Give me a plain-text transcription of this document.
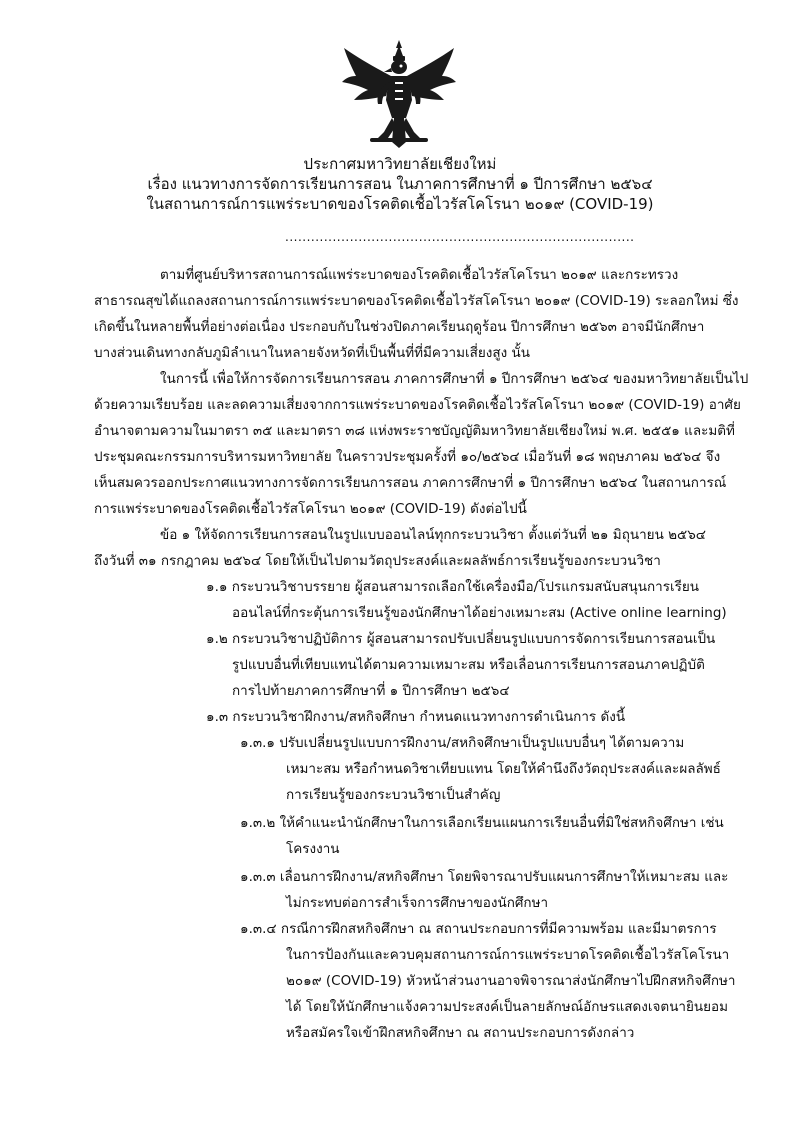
ประกาศมหาวิทยาลัยเชียงใหม่
เรื่อง แนวทางการจัดการเรียนการสอน ในภาคการศึกษาที่ ๑ ปีการศึกษา ๒๕๖๔
ในสถานการณ์การแพร่ระบาดของโรคติดเชื้อไวรัสโคโรนา ๒๐๑๙ (COVID-19)
.................................................................................
ตามที่ศูนย์บริหารสถานการณ์แพร่ระบาดของโรคติดเชื้อไวรัสโคโรนา ๒๐๑๙ และกระทรวง
สาธารณสุขได้แถลงสถานการณ์การแพร่ระบาดของโรคติดเชื้อไวรัสโคโรนา ๒๐๑๙ (COVID-19) ระลอกใหม่ ซึ่ง
เกิดขึ้นในหลายพื้นที่อย่างต่อเนื่อง ประกอบกับในช่วงปิดภาคเรียนฤดูร้อน ปีการศึกษา ๒๕๖๓ อาจมีนักศึกษา
บางส่วนเดินทางกลับภูมิลำเนาในหลายจังหวัดที่เป็นพื้นที่ที่มีความเสี่ยงสูง นั้น
ในการนี้ เพื่อให้การจัดการเรียนการสอน ภาคการศึกษาที่ ๑ ปีการศึกษา ๒๕๖๔ ของมหาวิทยาลัยเป็นไป
ด้วยความเรียบร้อย และลดความเสี่ยงจากการแพร่ระบาดของโรคติดเชื้อไวรัสโคโรนา ๒๐๑๙ (COVID-19) อาศัย
อำนาจตามความในมาตรา ๓๕ และมาตรา ๓๘ แห่งพระราชบัญญัติมหาวิทยาลัยเชียงใหม่ พ.ศ. ๒๕๕๑ และมติที่
ประชุมคณะกรรมการบริหารมหาวิทยาลัย ในคราวประชุมครั้งที่ ๑๐/๒๕๖๔ เมื่อวันที่ ๑๘ พฤษภาคม ๒๕๖๔ จึง
เห็นสมควรออกประกาศแนวทางการจัดการเรียนการสอน ภาคการศึกษาที่ ๑ ปีการศึกษา ๒๕๖๔ ในสถานการณ์
การแพร่ระบาดของโรคติดเชื้อไวรัสโคโรนา ๒๐๑๙ (COVID-19) ดังต่อไปนี้
ข้อ ๑ ให้จัดการเรียนการสอนในรูปแบบออนไลน์ทุกกระบวนวิชา ตั้งแต่วันที่ ๒๑ มิถุนายน ๒๕๖๔
ถึงวันที่ ๓๑ กรกฎาคม ๒๕๖๔ โดยให้เป็นไปตามวัตถุประสงค์และผลลัพธ์การเรียนรู้ของกระบวนวิชา
๑.๑ กระบวนวิชาบรรยาย ผู้สอนสามารถเลือกใช้เครื่องมือ/โปรแกรมสนับสนุนการเรียน
ออนไลน์ที่กระตุ้นการเรียนรู้ของนักศึกษาได้อย่างเหมาะสม (Active online learning)
๑.๒ กระบวนวิชาปฏิบัติการ ผู้สอนสามารถปรับเปลี่ยนรูปแบบการจัดการเรียนการสอนเป็น
รูปแบบอื่นที่เทียบแทนได้ตามความเหมาะสม หรือเลื่อนการเรียนการสอนภาคปฏิบัติ
การไปท้ายภาคการศึกษาที่ ๑ ปีการศึกษา ๒๕๖๔
๑.๓ กระบวนวิชาฝึกงาน/สหกิจศึกษา กำหนดแนวทางการดำเนินการ ดังนี้
๑.๓.๑ ปรับเปลี่ยนรูปแบบการฝึกงาน/สหกิจศึกษาเป็นรูปแบบอื่นๆ ได้ตามความ
เหมาะสม หรือกำหนดวิชาเทียบแทน โดยให้คำนึงถึงวัตถุประสงค์และผลลัพธ์
การเรียนรู้ของกระบวนวิชาเป็นสำคัญ
๑.๓.๒ ให้คำแนะนำนักศึกษาในการเลือกเรียนแผนการเรียนอื่นที่มิใช่สหกิจศึกษา เช่น
โครงงาน
๑.๓.๓ เลื่อนการฝึกงาน/สหกิจศึกษา โดยพิจารณาปรับแผนการศึกษาให้เหมาะสม และ
ไม่กระทบต่อการสำเร็จการศึกษาของนักศึกษา
๑.๓.๔ กรณีการฝึกสหกิจศึกษา ณ สถานประกอบการที่มีความพร้อม และมีมาตรการ
ในการป้องกันและควบคุมสถานการณ์การแพร่ระบาดโรคติดเชื้อไวรัสโคโรนา
๒๐๑๙ (COVID-19) หัวหน้าส่วนงานอาจพิจารณาส่งนักศึกษาไปฝึกสหกิจศึกษา
ได้ โดยให้นักศึกษาแจ้งความประสงค์เป็นลายลักษณ์อักษรแสดงเจตนายินยอม
หรือสมัครใจเข้าฝึกสหกิจศึกษา ณ สถานประกอบการดังกล่าว
